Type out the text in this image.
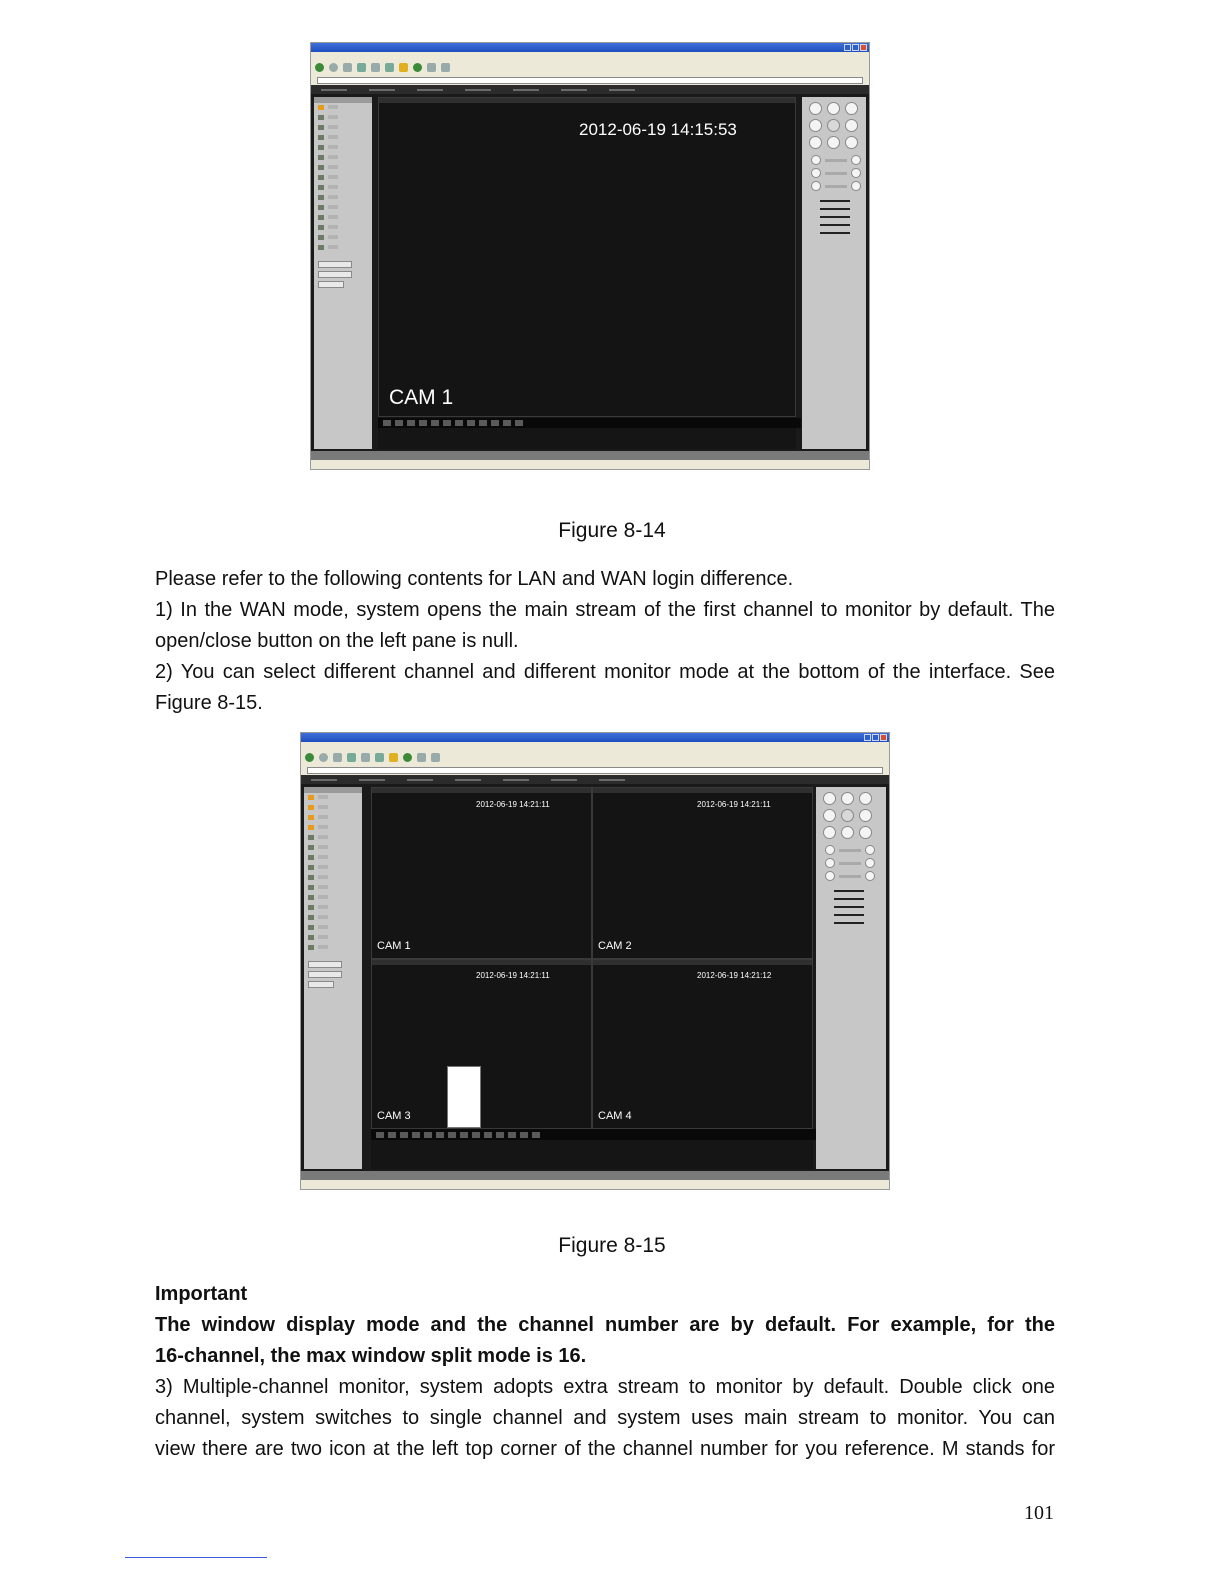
2012-06-19 14:15:53
CAM 1
Figure 8-14
Please refer to the following contents for LAN and WAN login difference.
1) In the WAN mode, system opens the main stream of the first channel to monitor by default. The
open/close button on the left pane is null.
2) You can select different channel and different monitor mode at the bottom of the interface. See
Figure 8-15.
2012-06-19 14:21:11
CAM 1
2012-06-19 14:21:11
CAM 2
2012-06-19 14:21:11
CAM 3
2012-06-19 14:21:12
CAM 4
Figure 8-15
Important
The window display mode and the channel number are by default. For example, for the
16-channel, the max window split mode is 16.
3) Multiple-channel monitor, system adopts extra stream to monitor by default. Double click one
channel, system switches to single channel and system uses main stream to monitor. You can
view there are two icon at the left top corner of the channel number for you reference. M stands for
101
